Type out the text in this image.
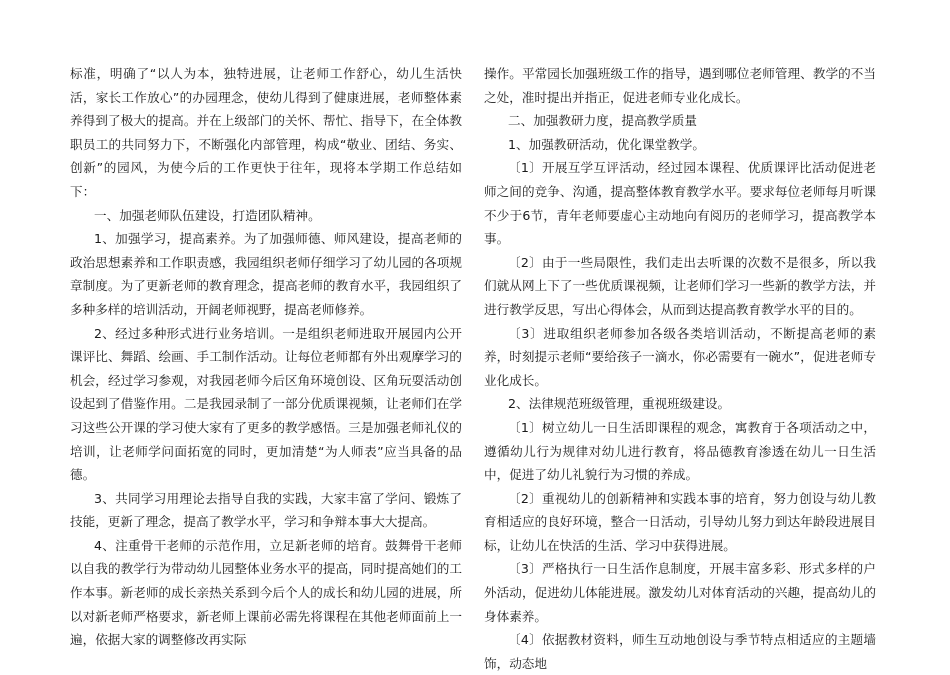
标准，明确了“以人为本，独特进展，让老师工作舒心，幼儿生活快活，家长工作放心”的办园理念，使幼儿得到了健康进展，老师整体素养得到了极大的提高。并在上级部门的关怀、帮忙、指导下，在全体教职员工的共同努力下，不断强化内部管理，构成“敬业、团结、务实、创新”的园风，为使今后的工作更快于往年，现将本学期工作总结如下：

一、加强老师队伍建设，打造团队精神。

1、加强学习，提高素养。为了加强师德、师风建设，提高老师的政治思想素养和工作职责感，我园组织老师仔细学习了幼儿园的各项规章制度。为了更新老师的教育理念，提高老师的教育水平，我园组织了多种多样的培训活动，开阔老师视野，提高老师修养。

2、经过多种形式进行业务培训。一是组织老师进取开展园内公开课评比、舞蹈、绘画、手工制作活动。让每位老师都有外出观摩学习的机会，经过学习参观，对我园老师今后区角环境创设、区角玩耍活动创设起到了借鉴作用。二是我园录制了一部分优质课视频，让老师们在学习这些公开课的学习使大家有了更多的教学感悟。三是加强老师礼仪的培训，让老师学问面拓宽的同时，更加清楚“为人师表”应当具备的品德。

3、共同学习用理论去指导自我的实践，大家丰富了学问、锻炼了技能，更新了理念，提高了教学水平，学习和争辩本事大大提高。

4、注重骨干老师的示范作用，立足新老师的培育。鼓舞骨干老师以自我的教学行为带动幼儿园整体业务水平的提高，同时提高她们的工作本事。新老师的成长亲热关系到今后个人的成长和幼儿园的进展，所以对新老师严格要求，新老师上课前必需先将课程在其他老师面前上一遍，依据大家的调整修改再实际

操作。平常园长加强班级工作的指导，遇到哪位老师管理、教学的不当之处，准时提出并指正，促进老师专业化成长。

二、加强教研力度，提高教学质量

1、加强教研活动，优化课堂教学。

〔1〕开展互学互评活动，经过园本课程、优质课评比活动促进老师之间的竞争、沟通，提高整体教育教学水平。要求每位老师每月听课不少于6节，青年老师要虚心主动地向有阅历的老师学习，提高教学本事。

〔2〕由于一些局限性，我们走出去听课的次数不是很多，所以我们就从网上下了一些优质课视频，让老师们学习一些新的教学方法，并进行教学反思，写出心得体会，从而到达提高教育教学水平的目的。

〔3〕进取组织老师参加各级各类培训活动，不断提高老师的素养，时刻提示老师“要给孩子一滴水，你必需要有一碗水”，促进老师专业化成长。

2、法律规范班级管理，重视班级建设。

〔1〕树立幼儿一日生活即课程的观念，寓教育于各项活动之中，遵循幼儿行为规律对幼儿进行教育，将品德教育渗透在幼儿一日生活中，促进了幼儿礼貌行为习惯的养成。

〔2〕重视幼儿的创新精神和实践本事的培育，努力创设与幼儿教育相适应的良好环境，整合一日活动，引导幼儿努力到达年龄段进展目标，让幼儿在快活的生活、学习中获得进展。

〔3〕严格执行一日生活作息制度，开展丰富多彩、形式多样的户外活动，促进幼儿体能进展。激发幼儿对体育活动的兴趣，提高幼儿的身体素养。

〔4〕依据教材资料，师生互动地创设与季节特点相适应的主题墙饰，动态地
